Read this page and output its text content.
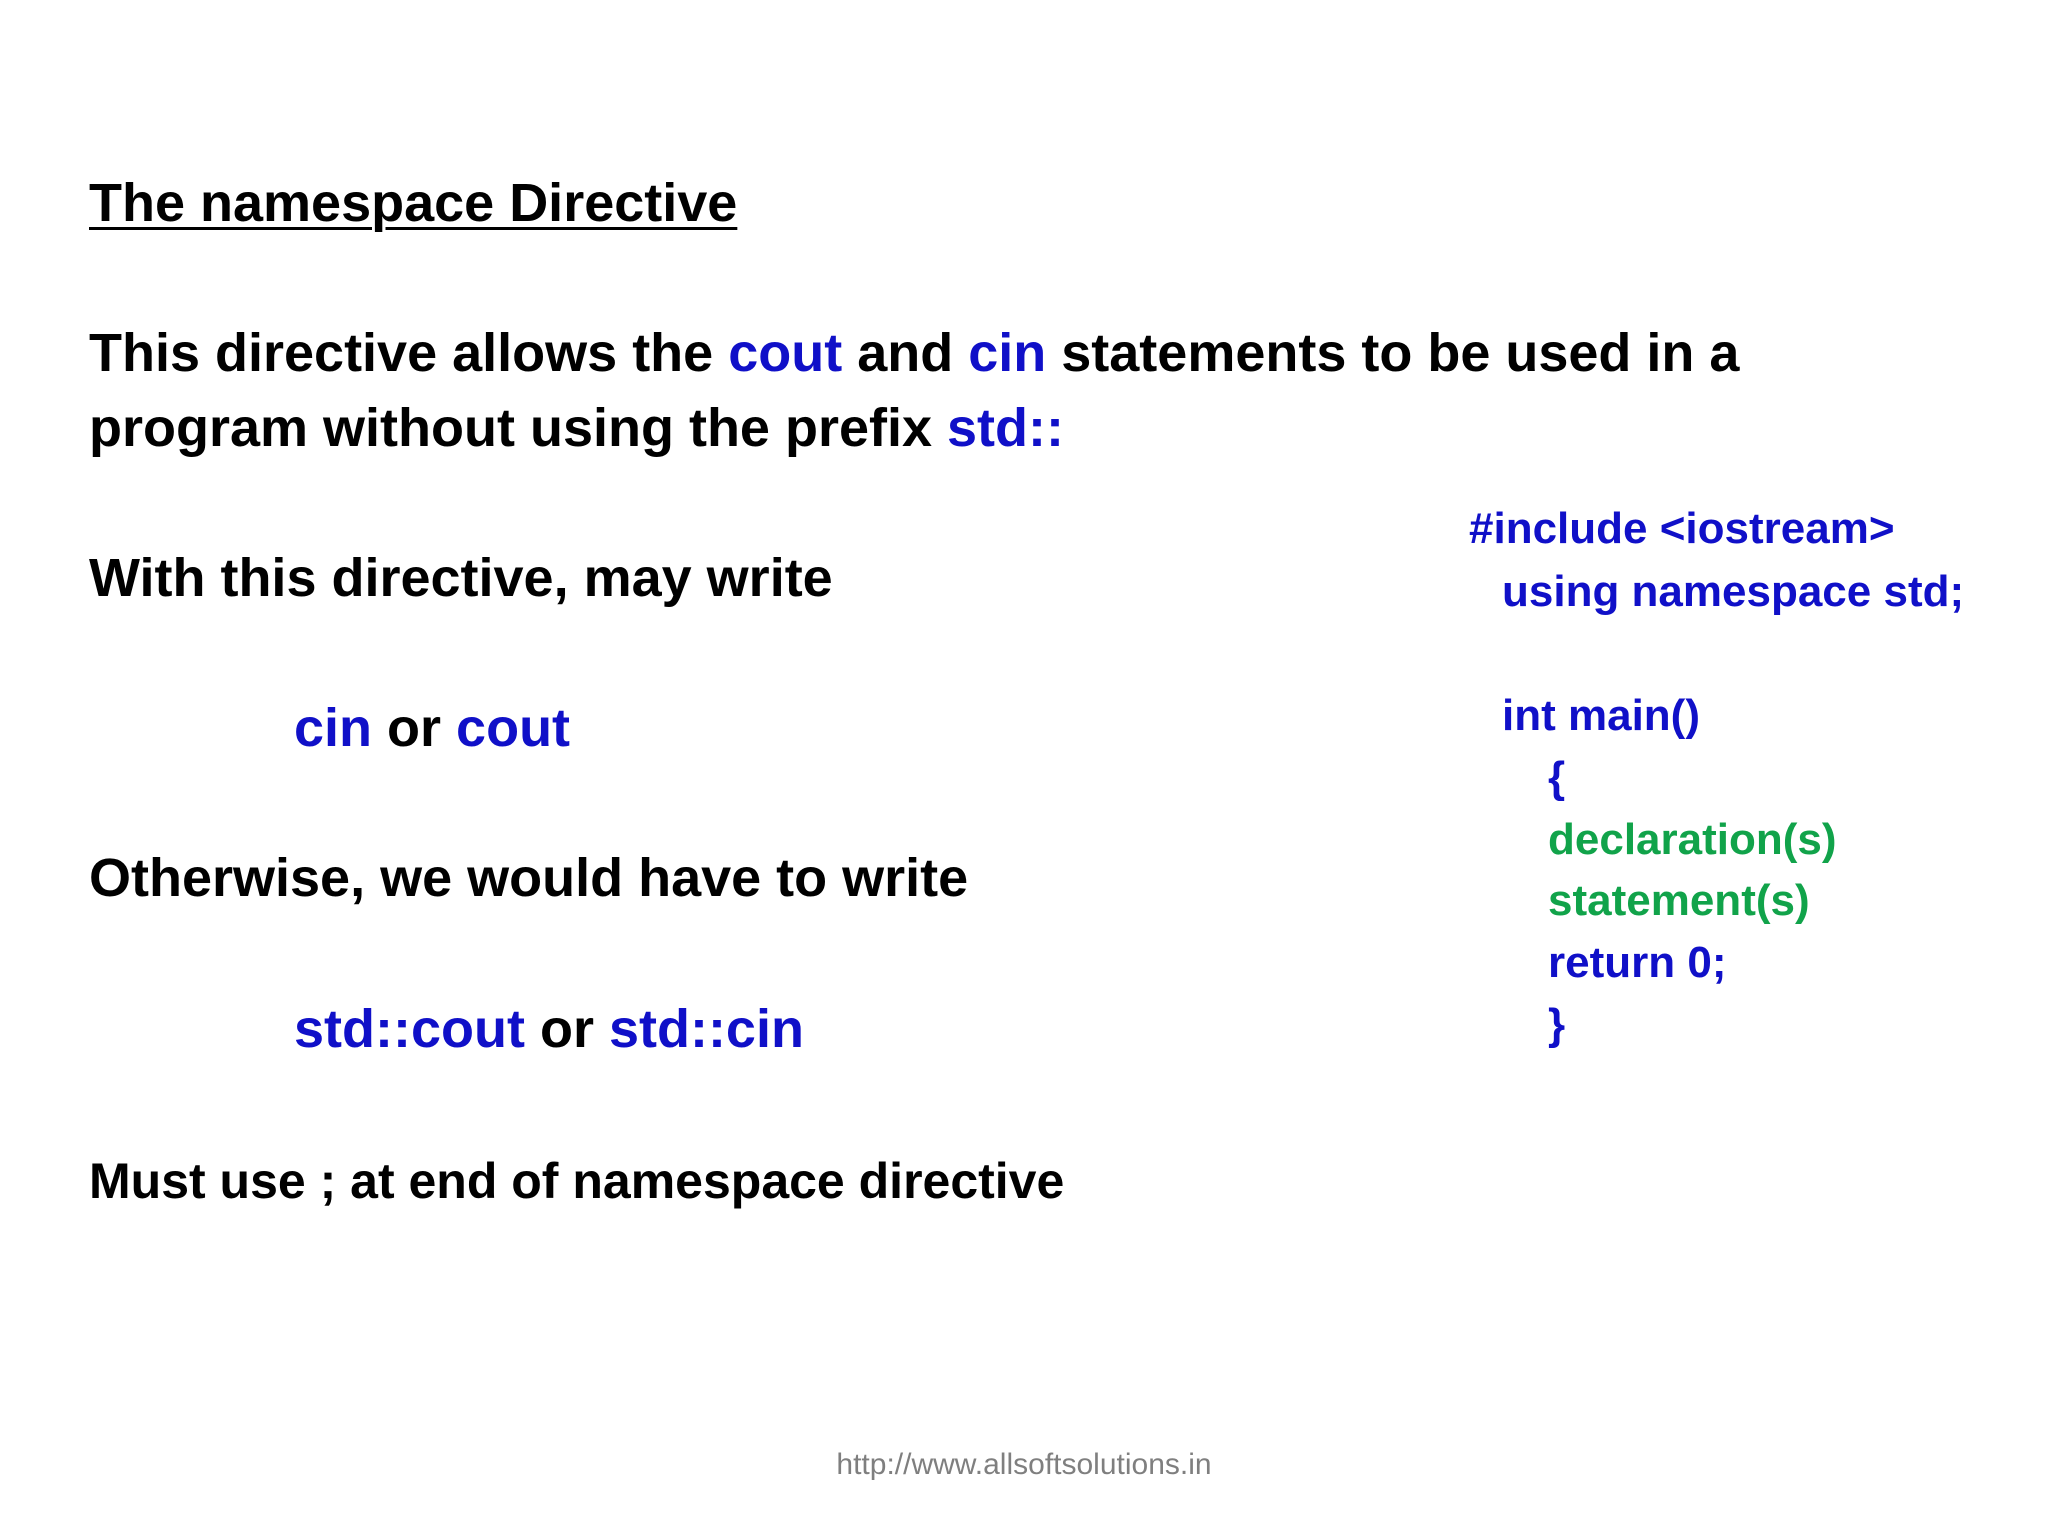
The namespace Directive
This directive allows the cout and cin statements to be used in a
program without using the prefix std::
With this directive, may write
cin or cout
Otherwise, we would have to write
std::cout or std::cin
Must use ; at end of namespace directive
#include <iostream>
using namespace std;
int main()
{
declaration(s)
statement(s)
return 0;
}
http://www.allsoftsolutions.in
